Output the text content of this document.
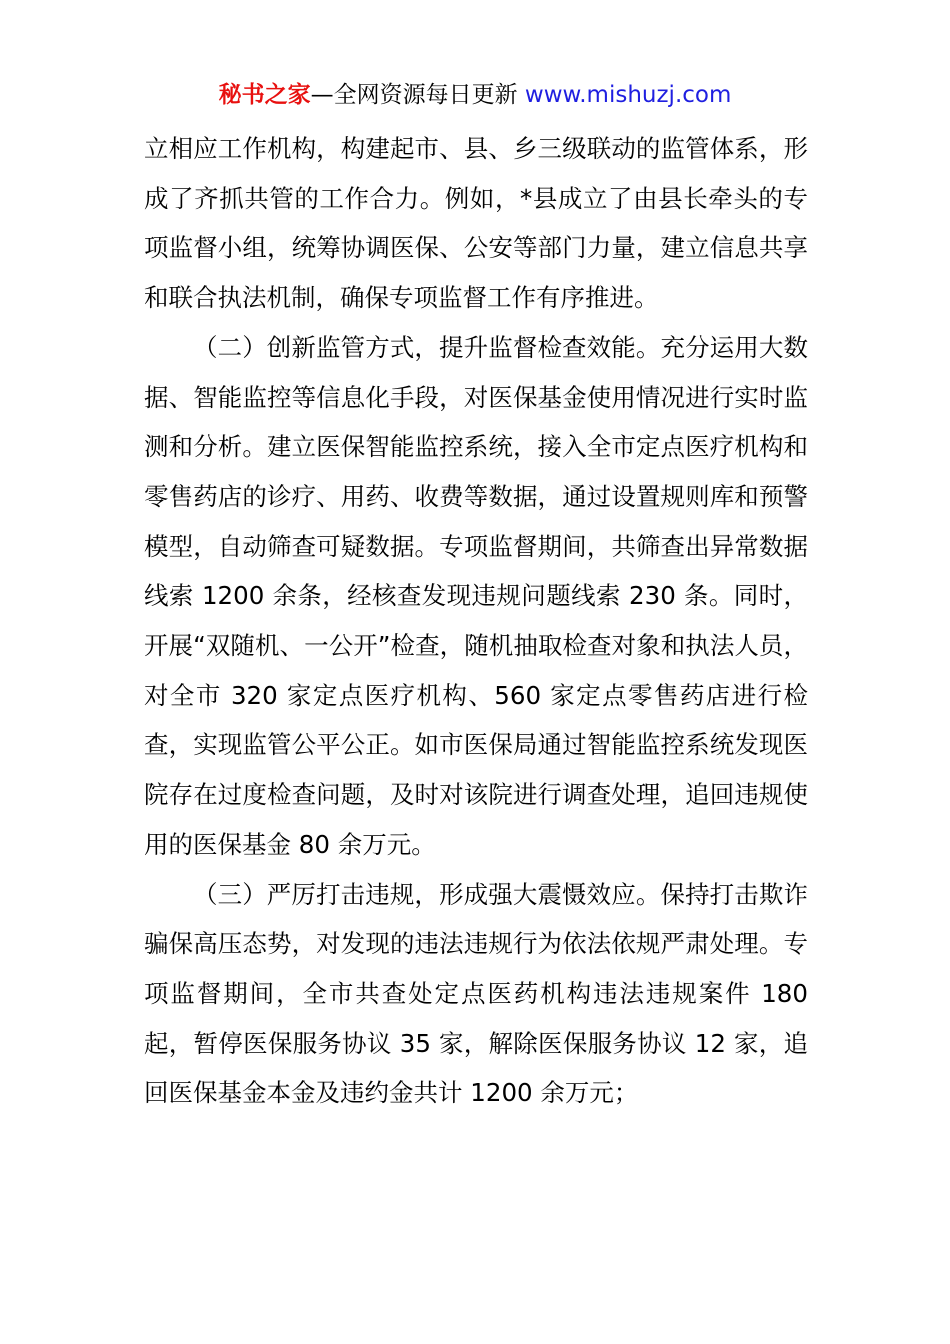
秘书之家—全网资源每日更新 www.mishuzj.com

立相应工作机构，构建起市、县、乡三级联动的监管体系，形成了齐抓共管的工作合力。例如，*县成立了由县长牵头的专项监督小组，统筹协调医保、公安等部门力量，建立信息共享和联合执法机制，确保专项监督工作有序推进。

（二）创新监管方式，提升监督检查效能。充分运用大数据、智能监控等信息化手段，对医保基金使用情况进行实时监测和分析。建立医保智能监控系统，接入全市定点医疗机构和零售药店的诊疗、用药、收费等数据，通过设置规则库和预警模型，自动筛查可疑数据。专项监督期间，共筛查出异常数据线索 1200 余条，经核查发现违规问题线索 230 条。同时，开展“双随机、一公开”检查，随机抽取检查对象和执法人员，对全市 320 家定点医疗机构、560 家定点零售药店进行检查，实现监管公平公正。如市医保局通过智能监控系统发现医院存在过度检查问题，及时对该院进行调查处理，追回违规使用的医保基金 80 余万元。

（三）严厉打击违规，形成强大震慑效应。保持打击欺诈骗保高压态势，对发现的违法违规行为依法依规严肃处理。专项监督期间，全市共查处定点医药机构违法违规案件 180 起，暂停医保服务协议 35 家，解除医保服务协议 12 家，追回医保基金本金及违约金共计 1200 余万元；
